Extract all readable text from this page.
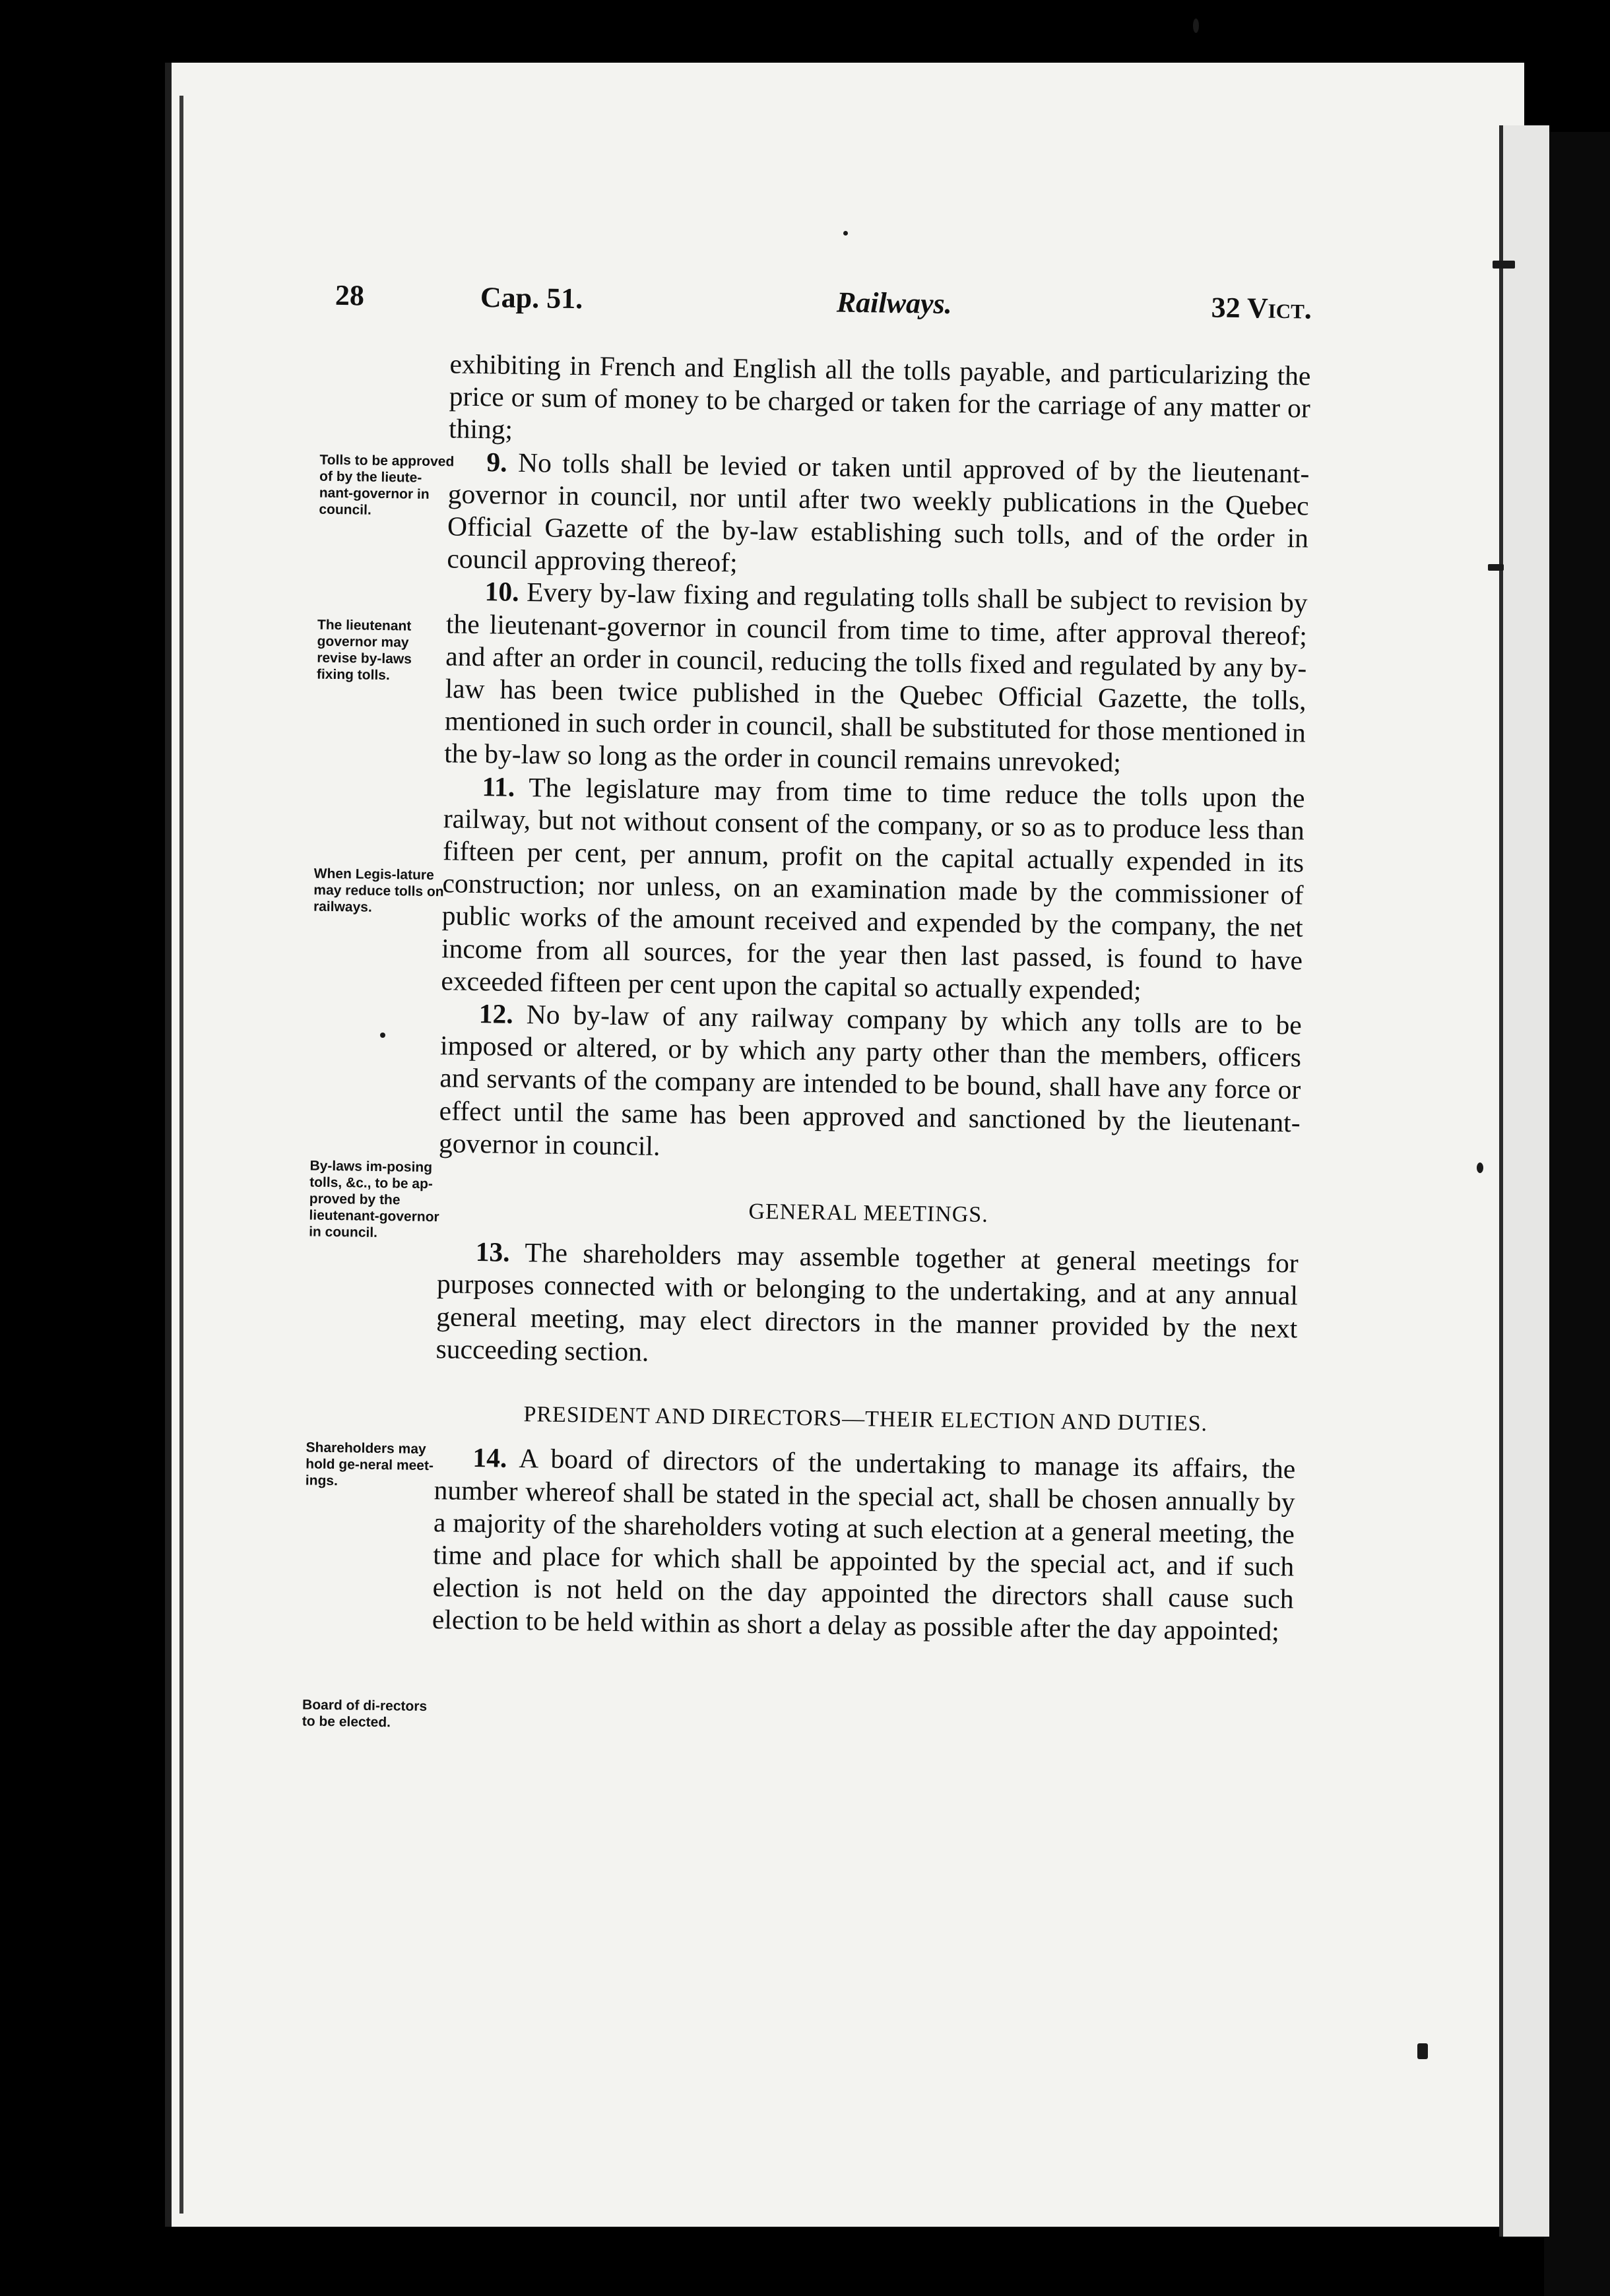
28	Cap. 51.	Railways.	32 Vict.
Tolls to be approved of by the lieute-nant-governor in council.
The lieutenant governor may revise by-laws fixing tolls.
When Legis-lature may reduce tolls on railways.
By-laws im-posing tolls, &c., to be ap-proved by the lieutenant-governor in council.
Shareholders may hold ge-neral meet-ings.
Board of di-rectors to be elected.

exhibiting in French and English all the tolls payable, and particularizing the price or sum of money to be charged or taken for the carriage of any matter or thing;

9. No tolls shall be levied or taken until approved of by the lieutenant-governor in council, nor until after two weekly publications in the Quebec Official Gazette of the by-law establishing such tolls, and of the order in council approving thereof;

10. Every by-law fixing and regulating tolls shall be subject to revision by the lieutenant-governor in council from time to time, after approval thereof; and after an order in council, reducing the tolls fixed and regulated by any by-law has been twice published in the Quebec Official Gazette, the tolls, mentioned in such order in council, shall be substituted for those mentioned in the by-law so long as the order in council remains unrevoked;

11. The legislature may from time to time reduce the tolls upon the railway, but not without consent of the company, or so as to produce less than fifteen per cent, per annum, profit on the capital actually expended in its construction; nor unless, on an examination made by the commissioner of public works of the amount received and expended by the company, the net income from all sources, for the year then last passed, is found to have exceeded fifteen per cent upon the capital so actually expended;

12. No by-law of any railway company by which any tolls are to be imposed or altered, or by which any party other than the members, officers and servants of the company are intended to be bound, shall have any force or effect until the same has been approved and sanctioned by the lieutenant-governor in council.

GENERAL MEETINGS.

13. The shareholders may assemble together at general meetings for purposes connected with or belonging to the undertaking, and at any annual general meeting, may elect directors in the manner provided by the next succeeding section.

PRESIDENT AND DIRECTORS—THEIR ELECTION AND DUTIES.

14. A board of directors of the undertaking to manage its affairs, the number whereof shall be stated in the special act, shall be chosen annually by a majority of the shareholders voting at such election at a general meeting, the time and place for which shall be appointed by the special act, and if such election is not held on the day appointed the directors shall cause such election to be held within as short a delay as possible after the day appointed;
